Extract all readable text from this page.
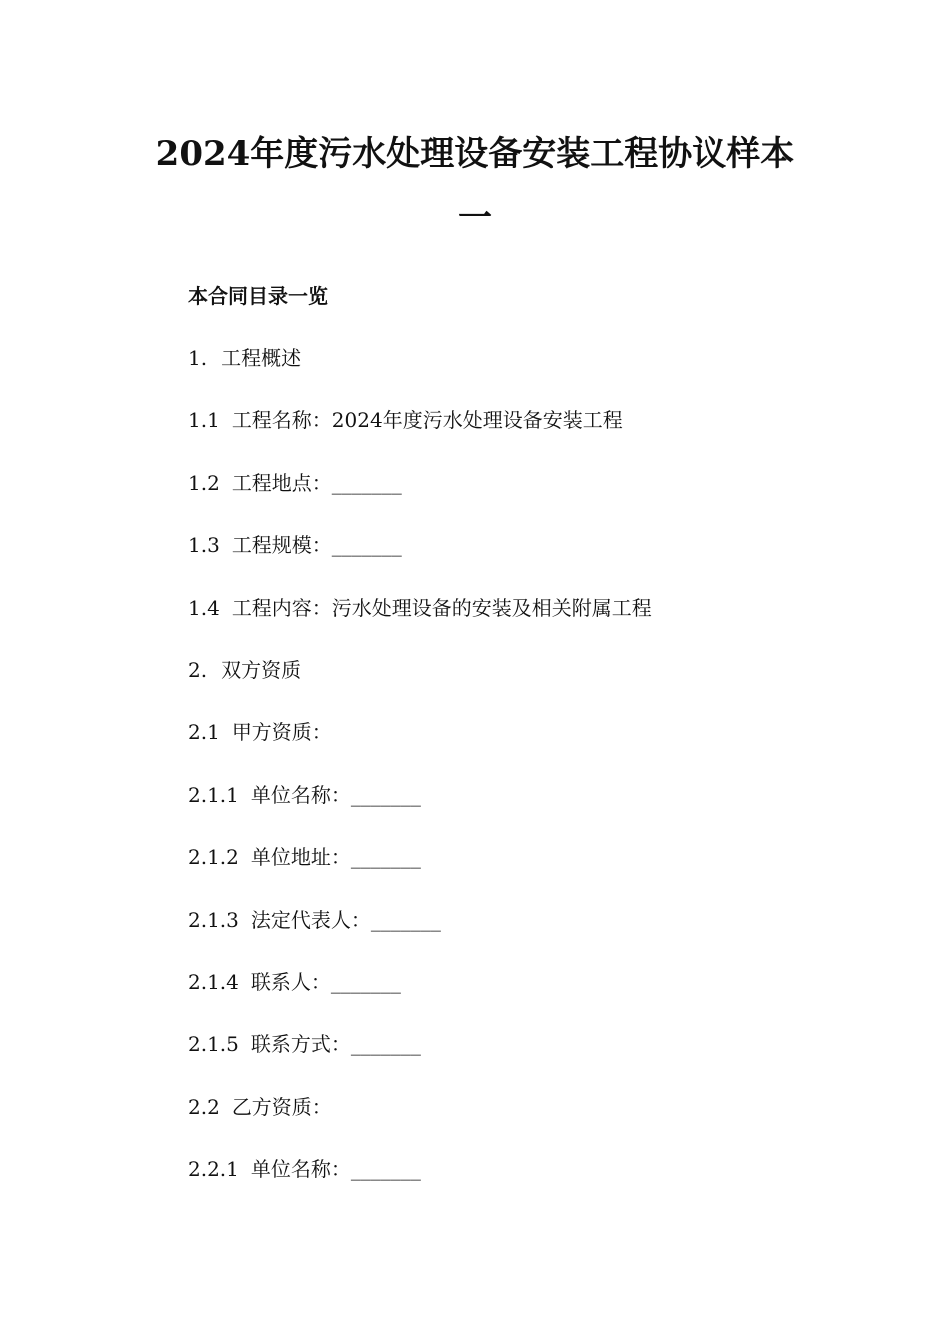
2024年度污水处理设备安装工程协议样本
一
本合同目录一览
1. 工程概述
1.1 工程名称：2024年度污水处理设备安装工程
1.2 工程地点：_______
1.3 工程规模：_______
1.4 工程内容：污水处理设备的安装及相关附属工程
2. 双方资质
2.1 甲方资质：
2.1.1 单位名称：_______
2.1.2 单位地址：_______
2.1.3 法定代表人：_______
2.1.4 联系人：_______
2.1.5 联系方式：_______
2.2 乙方资质：
2.2.1 单位名称：_______
